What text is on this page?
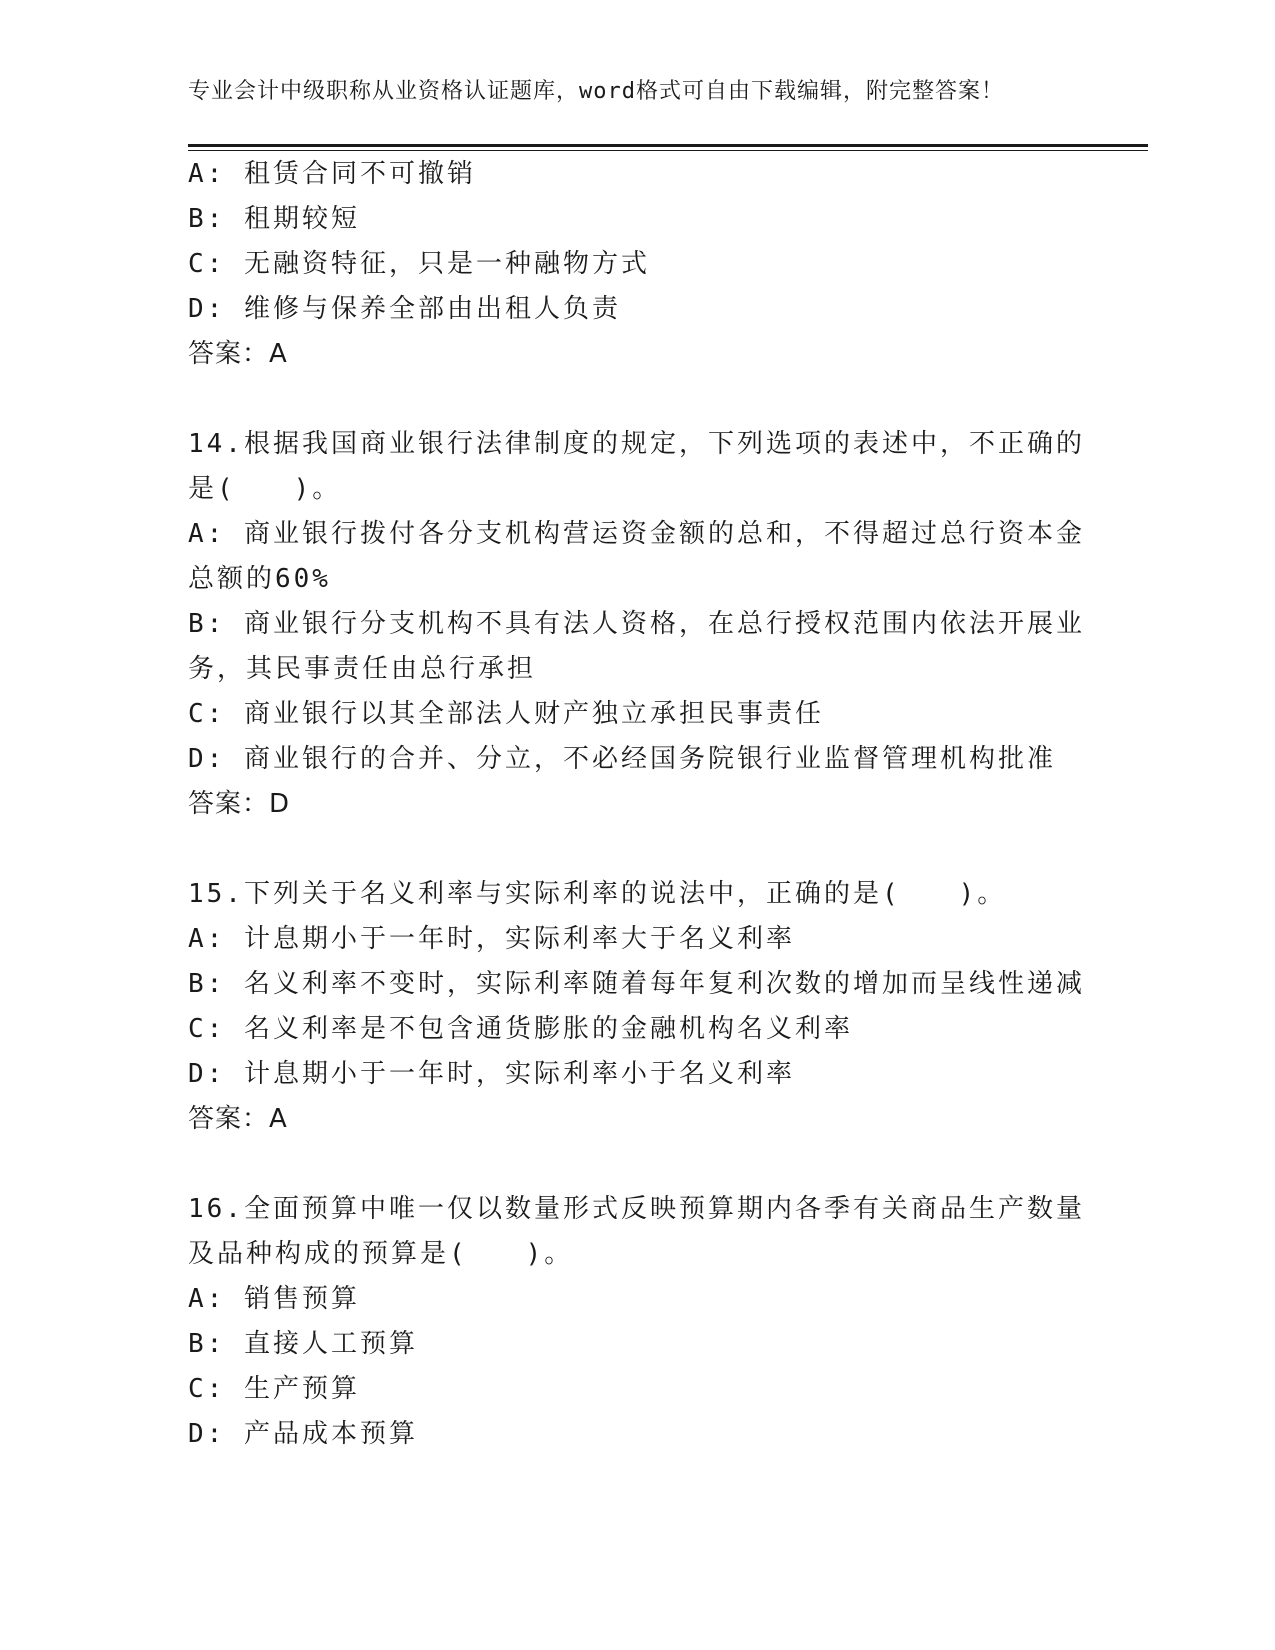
专业会计中级职称从业资格认证题库，word格式可自由下载编辑，附完整答案！
A: 租赁合同不可撤销
B: 租期较短
C: 无融资特征，只是一种融物方式
D: 维修与保养全部由出租人负责
答案：A
14.根据我国商业银行法律制度的规定，下列选项的表述中，不正确的
是(　　)。
A: 商业银行拨付各分支机构营运资金额的总和，不得超过总行资本金
总额的60%
B: 商业银行分支机构不具有法人资格，在总行授权范围内依法开展业
务，其民事责任由总行承担
C: 商业银行以其全部法人财产独立承担民事责任
D: 商业银行的合并、分立，不必经国务院银行业监督管理机构批准
答案：D
15.下列关于名义利率与实际利率的说法中，正确的是(　　)。
A: 计息期小于一年时，实际利率大于名义利率
B: 名义利率不变时，实际利率随着每年复利次数的增加而呈线性递减
C: 名义利率是不包含通货膨胀的金融机构名义利率
D: 计息期小于一年时，实际利率小于名义利率
答案：A
16.全面预算中唯一仅以数量形式反映预算期内各季有关商品生产数量
及品种构成的预算是(　　)。
A: 销售预算
B: 直接人工预算
C: 生产预算
D: 产品成本预算
